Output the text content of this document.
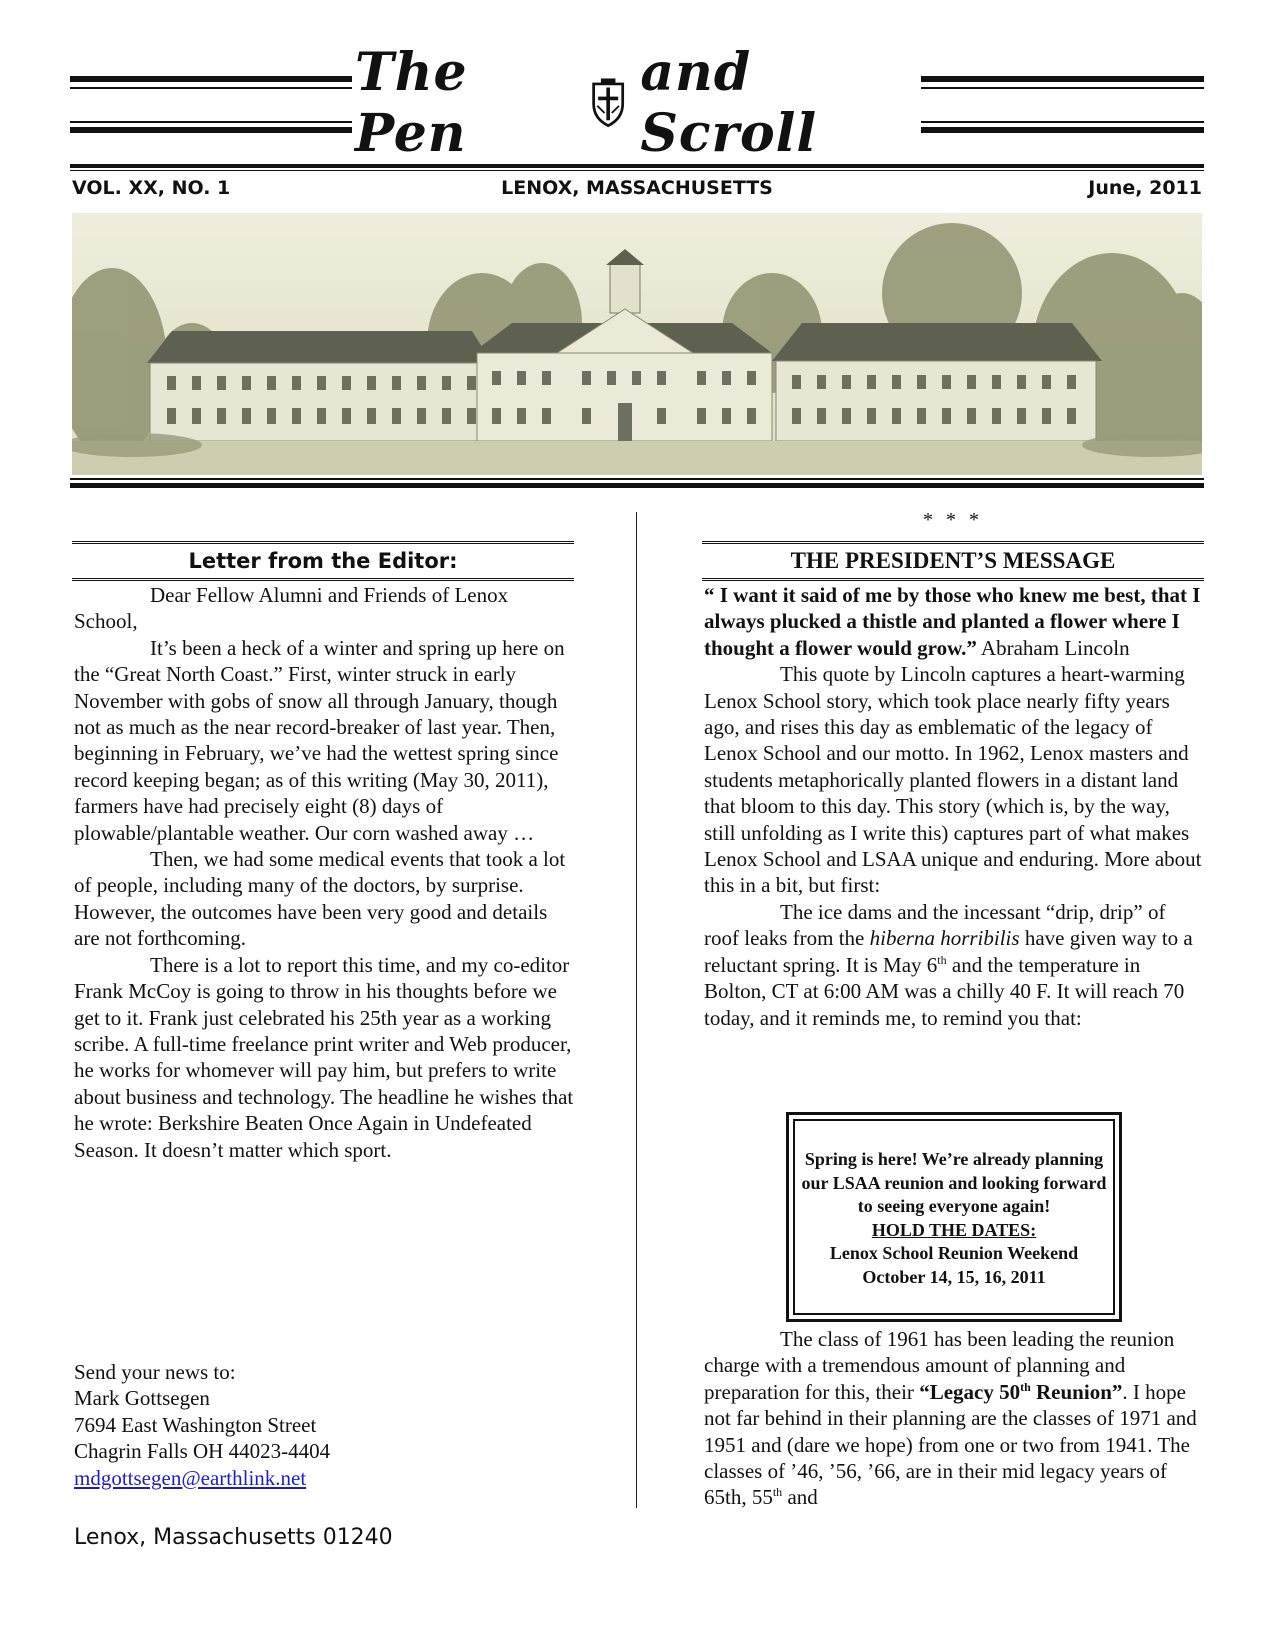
The Pen
and Scroll
LENOX, MASSACHUSETTS
VOL. XX, NO. 1	June, 2011
Letter from the Editor:

Dear Fellow Alumni and Friends of Lenox School,

It’s been a heck of a winter and spring up here on the “Great North Coast.” First, winter struck in early November with gobs of snow all through January, though not as much as the near record-breaker of last year. Then, beginning in February, we’ve had the wettest spring since record keeping began; as of this writing (May 30, 2011), farmers have had precisely eight (8) days of plowable/plantable weather. Our corn washed away …

Then, we had some medical events that took a lot of people, including many of the doctors, by surprise. However, the outcomes have been very good and details are not forthcoming.

There is a lot to report this time, and my co-editor Frank McCoy is going to throw in his thoughts before we get to it. Frank just celebrated his 25th year as a working scribe. A full-time freelance print writer and Web producer, he works for whomever will pay him, but prefers to write about business and technology. The headline he wishes that he wrote: Berkshire Beaten Once Again in Undefeated Season. It doesn’t matter which sport.

Send your news to:
Mark Gottsegen
7694 East Washington Street
Chagrin Falls OH 44023-4404
mdgottsegen@earthlink.net
Lenox, Massachusetts 01240
* * *
THE PRESIDENT’S MESSAGE

“ I want it said of me by those who knew me best, that I always plucked a thistle and planted a flower where I thought a flower would grow.” Abraham Lincoln

This quote by Lincoln captures a heart-warming Lenox School story, which took place nearly fifty years ago, and rises this day as emblematic of the legacy of Lenox School and our motto. In 1962, Lenox masters and students metaphorically planted flowers in a distant land that bloom to this day. This story (which is, by the way, still unfolding as I write this) captures part of what makes Lenox School and LSAA unique and enduring. More about this in a bit, but first:

The ice dams and the incessant “drip, drip” of roof leaks from the hiberna horribilis have given way to a reluctant spring. It is May 6th and the temperature in Bolton, CT at 6:00 AM was a chilly 40 F. It will reach 70 today, and it reminds me, to remind you that:

Spring is here! We’re already planning our LSAA reunion and looking forward to seeing everyone again!
HOLD THE DATES:
Lenox School Reunion Weekend
October 14, 15, 16, 2011

The class of 1961 has been leading the reunion charge with a tremendous amount of planning and preparation for this, their “Legacy 50th Reunion”. I hope not far behind in their planning are the classes of 1971 and 1951 and (dare we hope) from one or two from 1941. The classes of ’46, ’56, ’66, are in their mid legacy years of 65th, 55th and
